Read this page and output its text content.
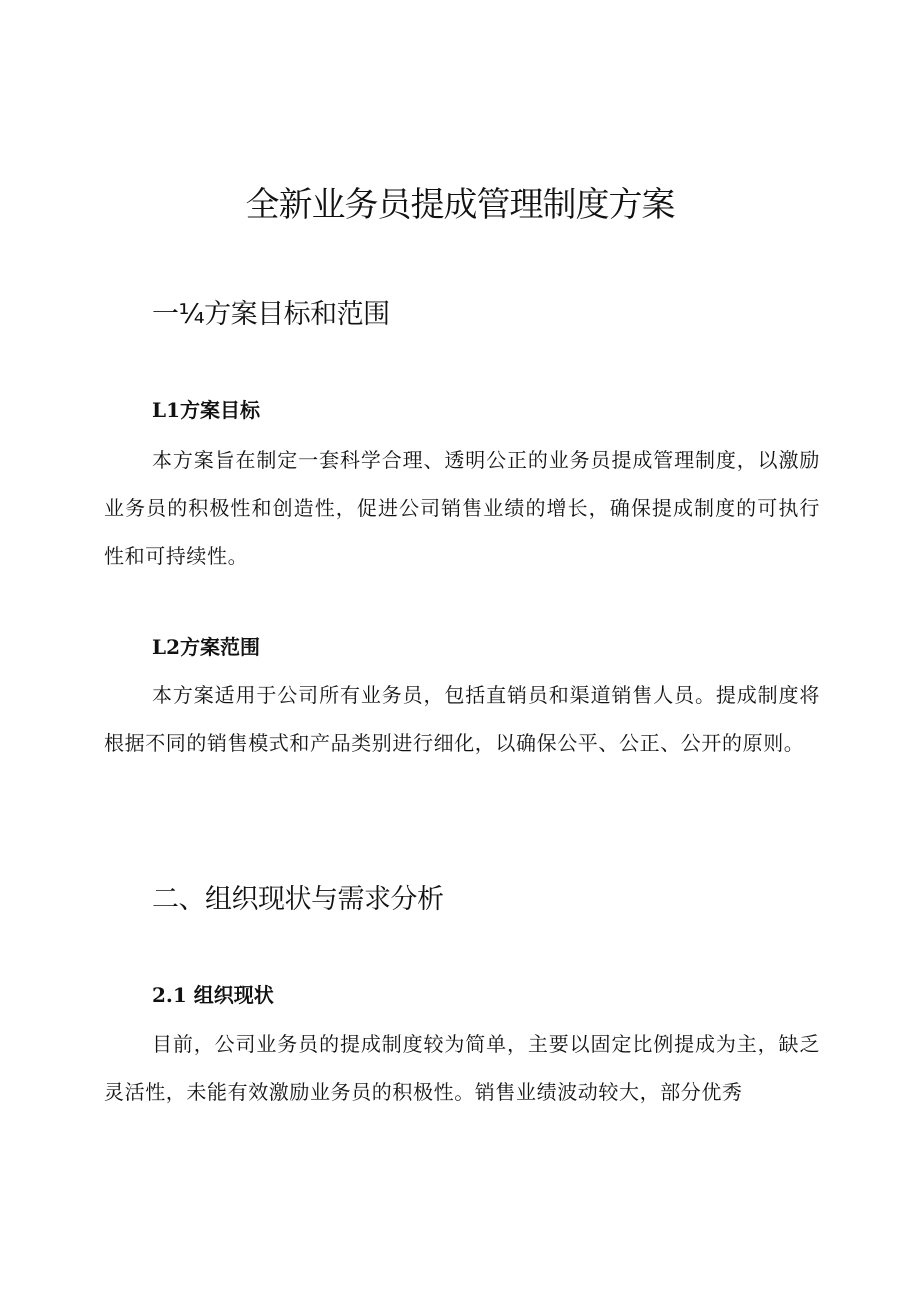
全新业务员提成管理制度方案
一¼方案目标和范围
L1方案目标

本方案旨在制定一套科学合理、透明公正的业务员提成管理制度，以激励业务员的积极性和创造性，促进公司销售业绩的增长，确保提成制度的可执行性和可持续性。

L2方案范围

本方案适用于公司所有业务员，包括直销员和渠道销售人员。提成制度将根据不同的销售模式和产品类别进行细化，以确保公平、公正、公开的原则。

二、组织现状与需求分析
2.1 组织现状

目前，公司业务员的提成制度较为简单，主要以固定比例提成为主，缺乏灵活性，未能有效激励业务员的积极性。销售业绩波动较大，部分优秀
